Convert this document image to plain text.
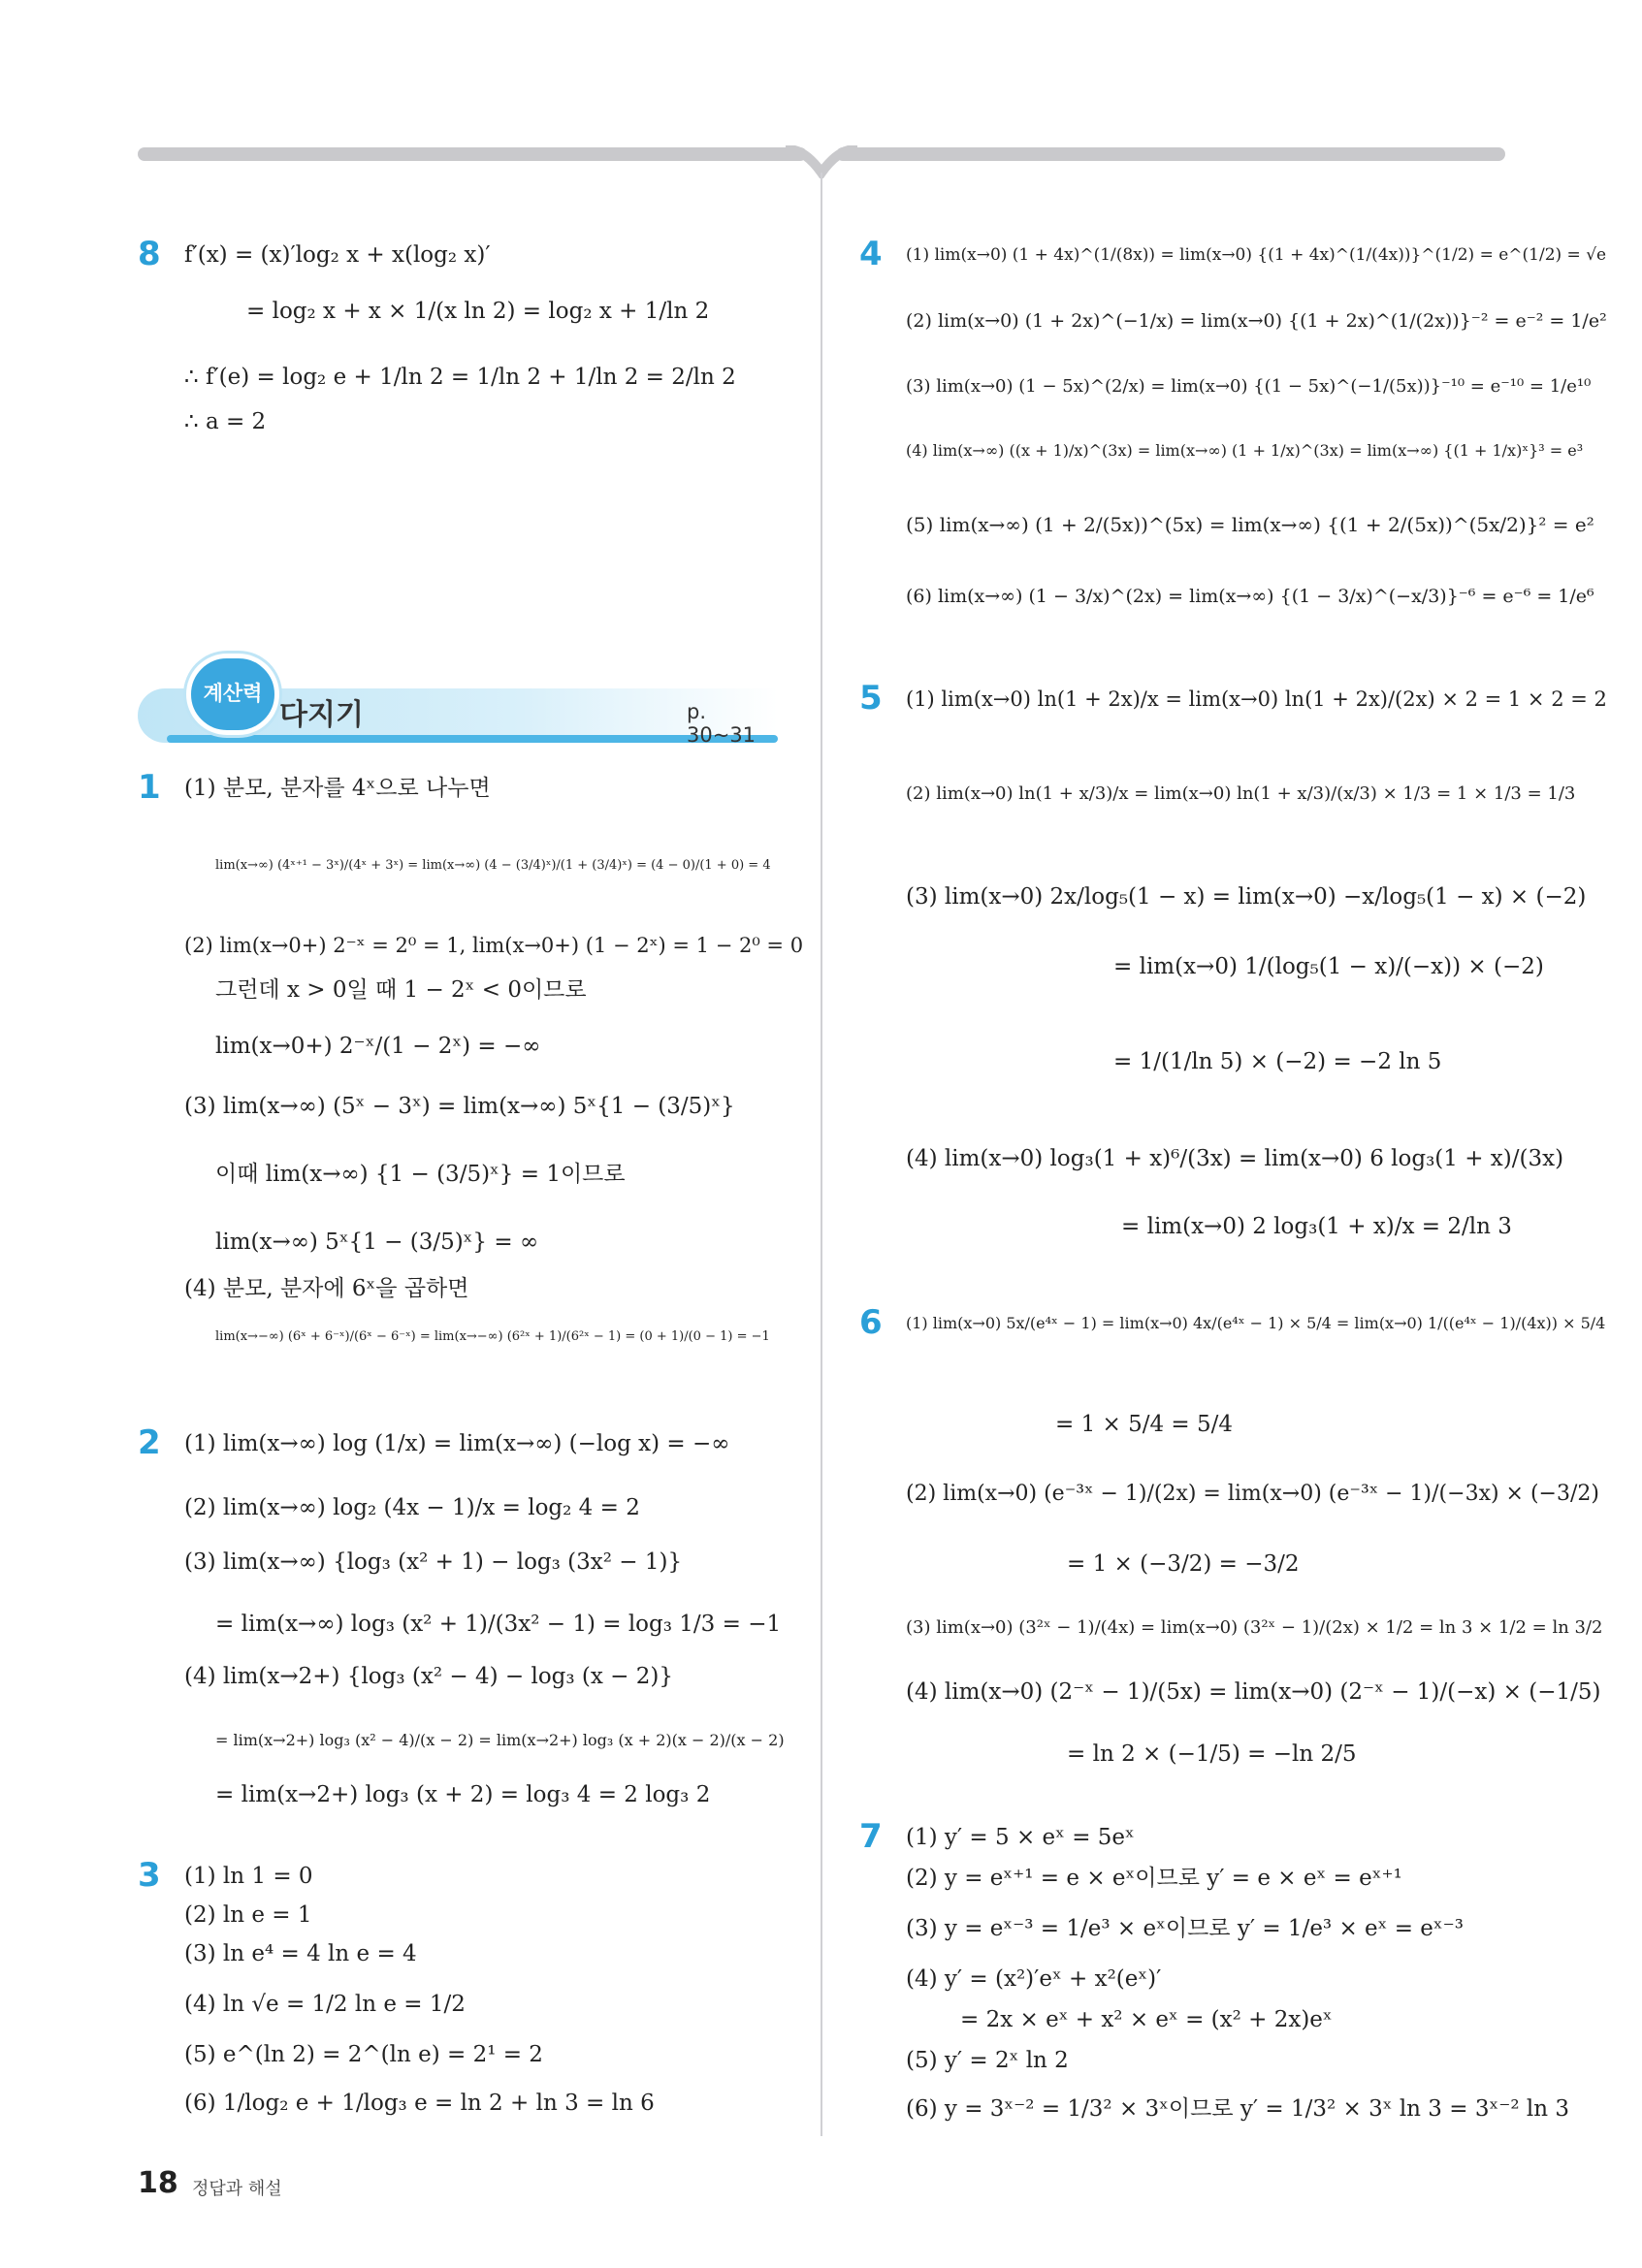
8 f′(x) = (x)′log₂ x + x(log₂ x)′
= log₂ x + x × 1/(x ln 2) = log₂ x + 1/ln 2
∴ f′(e) = log₂ e + 1/ln 2 = 1/ln 2 + 1/ln 2 = 2/ln 2
∴ a = 2
계산력
다지기	p. 30~31
1 (1) 분모, 분자를 4ˣ으로 나누면
lim(x→∞) (4ˣ⁺¹ − 3ˣ)/(4ˣ + 3ˣ) = lim(x→∞) (4 − (3/4)ˣ)/(1 + (3/4)ˣ) = (4 − 0)/(1 + 0) = 4
(2) lim(x→0+) 2⁻ˣ = 2⁰ = 1, lim(x→0+) (1 − 2ˣ) = 1 − 2⁰ = 0
그런데 x > 0일 때 1 − 2ˣ < 0이므로
lim(x→0+) 2⁻ˣ/(1 − 2ˣ) = −∞
(3) lim(x→∞) (5ˣ − 3ˣ) = lim(x→∞) 5ˣ{1 − (3/5)ˣ}
이때 lim(x→∞) {1 − (3/5)ˣ} = 1이므로
lim(x→∞) 5ˣ{1 − (3/5)ˣ} = ∞
(4) 분모, 분자에 6ˣ을 곱하면
lim(x→−∞) (6ˣ + 6⁻ˣ)/(6ˣ − 6⁻ˣ) = lim(x→−∞) (6²ˣ + 1)/(6²ˣ − 1) = (0 + 1)/(0 − 1) = −1
2 (1) lim(x→∞) log (1/x) = lim(x→∞) (−log x) = −∞
(2) lim(x→∞) log₂ (4x − 1)/x = log₂ 4 = 2
(3) lim(x→∞) {log₃ (x² + 1) − log₃ (3x² − 1)}
= lim(x→∞) log₃ (x² + 1)/(3x² − 1) = log₃ 1/3 = −1
(4) lim(x→2+) {log₃ (x² − 4) − log₃ (x − 2)}
= lim(x→2+) log₃ (x² − 4)/(x − 2) = lim(x→2+) log₃ (x + 2)(x − 2)/(x − 2)
= lim(x→2+) log₃ (x + 2) = log₃ 4 = 2 log₃ 2
3 (1) ln 1 = 0
(2) ln e = 1
(3) ln e⁴ = 4 ln e = 4
(4) ln √e = 1/2 ln e = 1/2
(5) e^(ln 2) = 2^(ln e) = 2¹ = 2
(6) 1/log₂ e + 1/log₃ e = ln 2 + ln 3 = ln 6
4 (1) lim(x→0) (1 + 4x)^(1/(8x)) = lim(x→0) {(1 + 4x)^(1/(4x))}^(1/2) = e^(1/2) = √e
(2) lim(x→0) (1 + 2x)^(−1/x) = lim(x→0) {(1 + 2x)^(1/(2x))}⁻² = e⁻² = 1/e²
(3) lim(x→0) (1 − 5x)^(2/x) = lim(x→0) {(1 − 5x)^(−1/(5x))}⁻¹⁰ = e⁻¹⁰ = 1/e¹⁰
(4) lim(x→∞) ((x + 1)/x)^(3x) = lim(x→∞) (1 + 1/x)^(3x) = lim(x→∞) {(1 + 1/x)ˣ}³ = e³
(5) lim(x→∞) (1 + 2/(5x))^(5x) = lim(x→∞) {(1 + 2/(5x))^(5x/2)}² = e²
(6) lim(x→∞) (1 − 3/x)^(2x) = lim(x→∞) {(1 − 3/x)^(−x/3)}⁻⁶ = e⁻⁶ = 1/e⁶
5 (1) lim(x→0) ln(1 + 2x)/x = lim(x→0) ln(1 + 2x)/(2x) × 2 = 1 × 2 = 2
(2) lim(x→0) ln(1 + x/3)/x = lim(x→0) ln(1 + x/3)/(x/3) × 1/3 = 1 × 1/3 = 1/3
(3) lim(x→0) 2x/log₅(1 − x) = lim(x→0) −x/log₅(1 − x) × (−2)
= lim(x→0) 1/(log₅(1 − x)/(−x)) × (−2)
= 1/(1/ln 5) × (−2) = −2 ln 5
(4) lim(x→0) log₃(1 + x)⁶/(3x) = lim(x→0) 6 log₃(1 + x)/(3x)
= lim(x→0) 2 log₃(1 + x)/x = 2/ln 3
6 (1) lim(x→0) 5x/(e⁴ˣ − 1) = lim(x→0) 4x/(e⁴ˣ − 1) × 5/4 = lim(x→0) 1/((e⁴ˣ − 1)/(4x)) × 5/4
= 1 × 5/4 = 5/4
(2) lim(x→0) (e⁻³ˣ − 1)/(2x) = lim(x→0) (e⁻³ˣ − 1)/(−3x) × (−3/2)
= 1 × (−3/2) = −3/2
(3) lim(x→0) (3²ˣ − 1)/(4x) = lim(x→0) (3²ˣ − 1)/(2x) × 1/2 = ln 3 × 1/2 = ln 3/2
(4) lim(x→0) (2⁻ˣ − 1)/(5x) = lim(x→0) (2⁻ˣ − 1)/(−x) × (−1/5)
= ln 2 × (−1/5) = −ln 2/5
7 (1) y′ = 5 × eˣ = 5eˣ
(2) y = eˣ⁺¹ = e × eˣ이므로 y′ = e × eˣ = eˣ⁺¹
(3) y = eˣ⁻³ = 1/e³ × eˣ이므로 y′ = 1/e³ × eˣ = eˣ⁻³
(4) y′ = (x²)′eˣ + x²(eˣ)′
= 2x × eˣ + x² × eˣ = (x² + 2x)eˣ
(5) y′ = 2ˣ ln 2
(6) y = 3ˣ⁻² = 1/3² × 3ˣ이므로 y′ = 1/3² × 3ˣ ln 3 = 3ˣ⁻² ln 3
18 정답과 해설
